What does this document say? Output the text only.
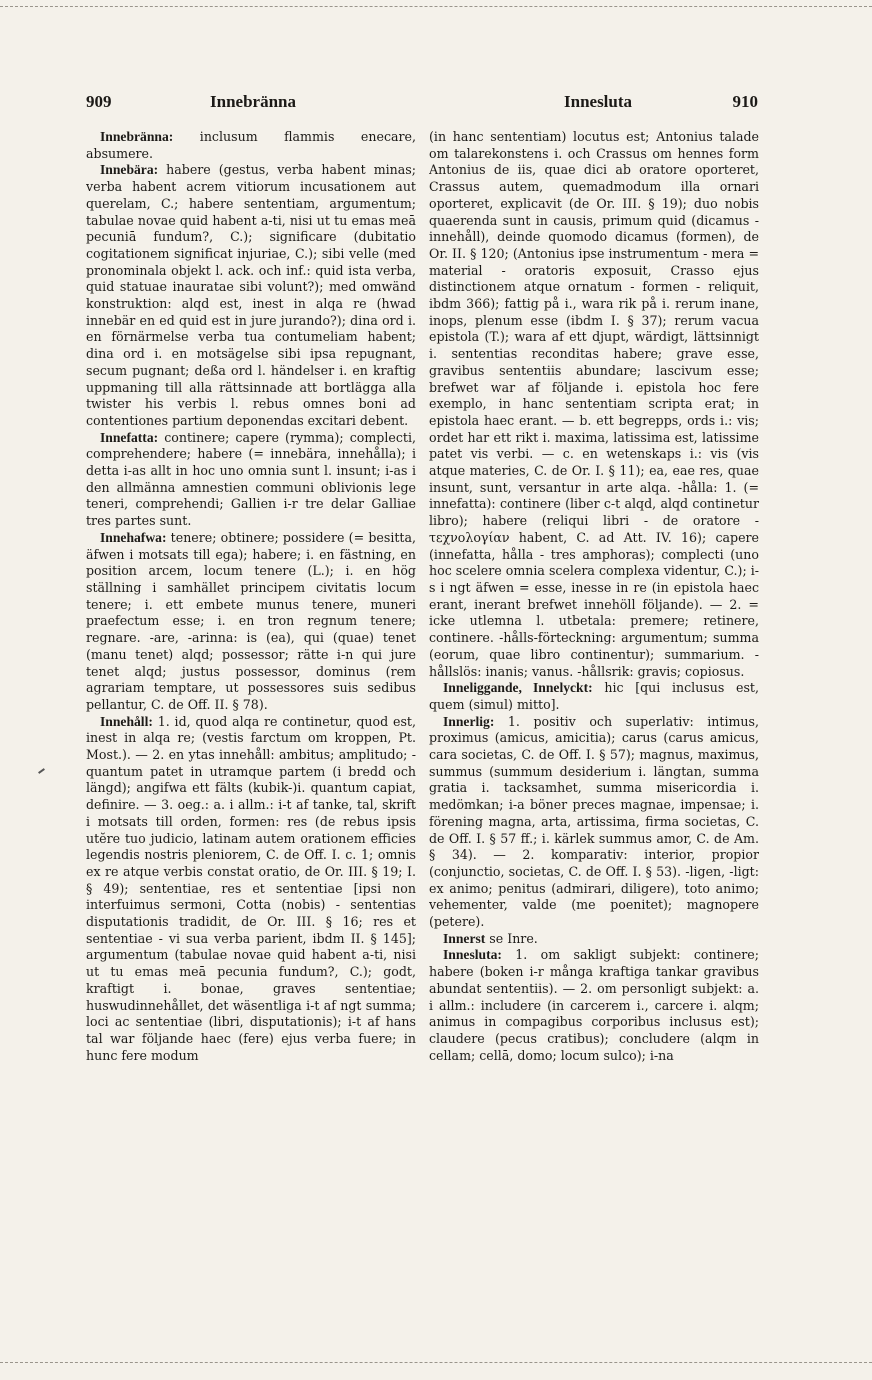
909	Innebränna	Innesluta	910

Innebränna: inclusum flammis enecare, absumere.

Innebära: habere (gestus, verba habent minas; verba habent acrem vitiorum incusationem aut querelam, C.; habere sententiam, argumentum; tabulae novae quid habent a-ti, nisi ut tu emas meā pecuniā fundum?, C.); significare (dubitatio cogitationem significat injuriae, C.); sibi velle (med pronominala objekt l. ack. och inf.: quid ista verba, quid statuae inauratae sibi volunt?); med omwänd konstruktion: alqd est, inest in alqa re (hwad innebär en ed quid est in jure jurando?); dina ord i. en förnärmelse verba tua contumeliam habent; dina ord i. en motsägelse sibi ipsa repugnant, secum pugnant; deßa ord l. händelser i. en kraftig uppmaning till alla rättsinnade att bortlägga alla twister his verbis l. rebus omnes boni ad contentiones partium deponendas excitari debent.

Innefatta: continere; capere (rymma); complecti, comprehendere; habere (= innebära, innehålla); i detta i-as allt in hoc uno omnia sunt l. insunt; i-as i den allmänna amnestien communi oblivionis lege teneri, comprehendi; Gallien i-r tre delar Galliae tres partes sunt.

Innehafwa: tenere; obtinere; possidere (= besitta, äfwen i motsats till ega); habere; i. en fästning, en position arcem, locum tenere (L.); i. en hög ställning i samhället principem civitatis locum tenere; i. ett embete munus tenere, muneri praefectum esse; i. en tron regnum tenere; regnare. -are, -arinna: is (ea), qui (quae) tenet (manu tenet) alqd; possessor; rätte i-n qui jure tenet alqd; justus possessor, dominus (rem agrariam temptare, ut possessores suis sedibus pellantur, C. de Off. II. § 78).

Innehåll: 1. id, quod alqa re continetur, quod est, inest in alqa re; (vestis farctum om kroppen, Pt. Most.). — 2. en ytas innehåll: ambitus; amplitudo; - quantum patet in utramque partem (i bredd och längd); angifwa ett fälts (kubik-)i. quantum capiat, definire. — 3. oeg.: a. i allm.: i-t af tanke, tal, skrift i motsats till orden, formen: res (de rebus ipsis utĕre tuo judicio, latinam autem orationem efficies legendis nostris pleniorem, C. de Off. I. c. 1; omnis ex re atque verbis constat oratio, de Or. III. § 19; I. § 49); sententiae, res et sententiae [ipsi non interfuimus sermoni, Cotta (nobis) - sententias disputationis tradidit, de Or. III. § 16; res et sententiae - vi sua verba parient, ibdm II. § 145]; argumentum (tabulae novae quid habent a-ti, nisi ut tu emas meā pecunia fundum?, C.); godt, kraftigt i. bonae, graves sententiae; huswudinnehållet, det wäsentliga i-t af ngt summa; loci ac sententiae (libri, disputationis); i-t af hans tal war följande haec (fere) ejus verba fuere; in hunc fere modum

(in hanc sententiam) locutus est; Antonius talade om talarekonstens i. och Crassus om hennes form Antonius de iis, quae dici ab oratore oporteret, Crassus autem, quemadmodum illa ornari oporteret, explicavit (de Or. III. § 19); duo nobis quaerenda sunt in causis, primum quid (dicamus - innehåll), deinde quomodo dicamus (formen), de Or. II. § 120; (Antonius ipse instrumentum - mera = material - oratoris exposuit, Crasso ejus distinctionem atque ornatum - formen - reliquit, ibdm 366); fattig på i., wara rik på i. rerum inane, inops, plenum esse (ibdm I. § 37); rerum vacua epistola (T.); wara af ett djupt, wärdigt, lättsinnigt i. sententias reconditas habere; grave esse, gravibus sententiis abundare; lascivum esse; brefwet war af följande i. epistola hoc fere exemplo, in hanc sententiam scripta erat; in epistola haec erant. — b. ett begrepps, ords i.: vis; ordet har ett rikt i. maxima, latissima est, latissime patet vis verbi. — c. en wetenskaps i.: vis (vis atque materies, C. de Or. I. § 11); ea, eae res, quae insunt, sunt, versantur in arte alqa. -hålla: 1. (= innefatta): continere (liber c-t alqd, alqd continetur libro); habere (reliqui libri - de oratore - τεχνολογίαν habent, C. ad Att. IV. 16); capere (innefatta, hålla - tres amphoras); complecti (uno hoc scelere omnia scelera complexa videntur, C.); i-s i ngt äfwen = esse, inesse in re (in epistola haec erant, inerant brefwet innehöll följande). — 2. = icke utlemna l. utbetala: premere; retinere, continere. -hålls-förteckning: argumentum; summa (eorum, quae libro continentur); summarium. -hållslös: inanis; vanus. -hållsrik: gravis; copiosus.

Inneliggande, Innelyckt: hic [qui inclusus est, quem (simul) mitto].

Innerlig: 1. positiv och superlativ: intimus, proximus (amicus, amicitia); carus (carus amicus, cara societas, C. de Off. I. § 57); magnus, maximus, summus (summum desiderium i. längtan, summa gratia i. tacksamhet, summa misericordia i. medömkan; i-a böner preces magnae, impensae; i. förening magna, arta, artissima, firma societas, C. de Off. I. § 57 ff.; i. kärlek summus amor, C. de Am. § 34). — 2. komparativ: interior, propior (conjunctio, societas, C. de Off. I. § 53). -ligen, -ligt: ex animo; penitus (admirari, diligere), toto animo; vehementer, valde (me poenitet); magnopere (petere).

Innerst se Inre.

Innesluta: 1. om sakligt subjekt: continere; habere (boken i-r många kraftiga tankar gravibus abundat sententiis). — 2. om personligt subjekt: a. i allm.: includere (in carcerem i., carcere i. alqm; animus in compagibus corporibus inclusus est); claudere (pecus cratibus); concludere (alqm in cellam; cellā, domo; locum sulco); i-na
